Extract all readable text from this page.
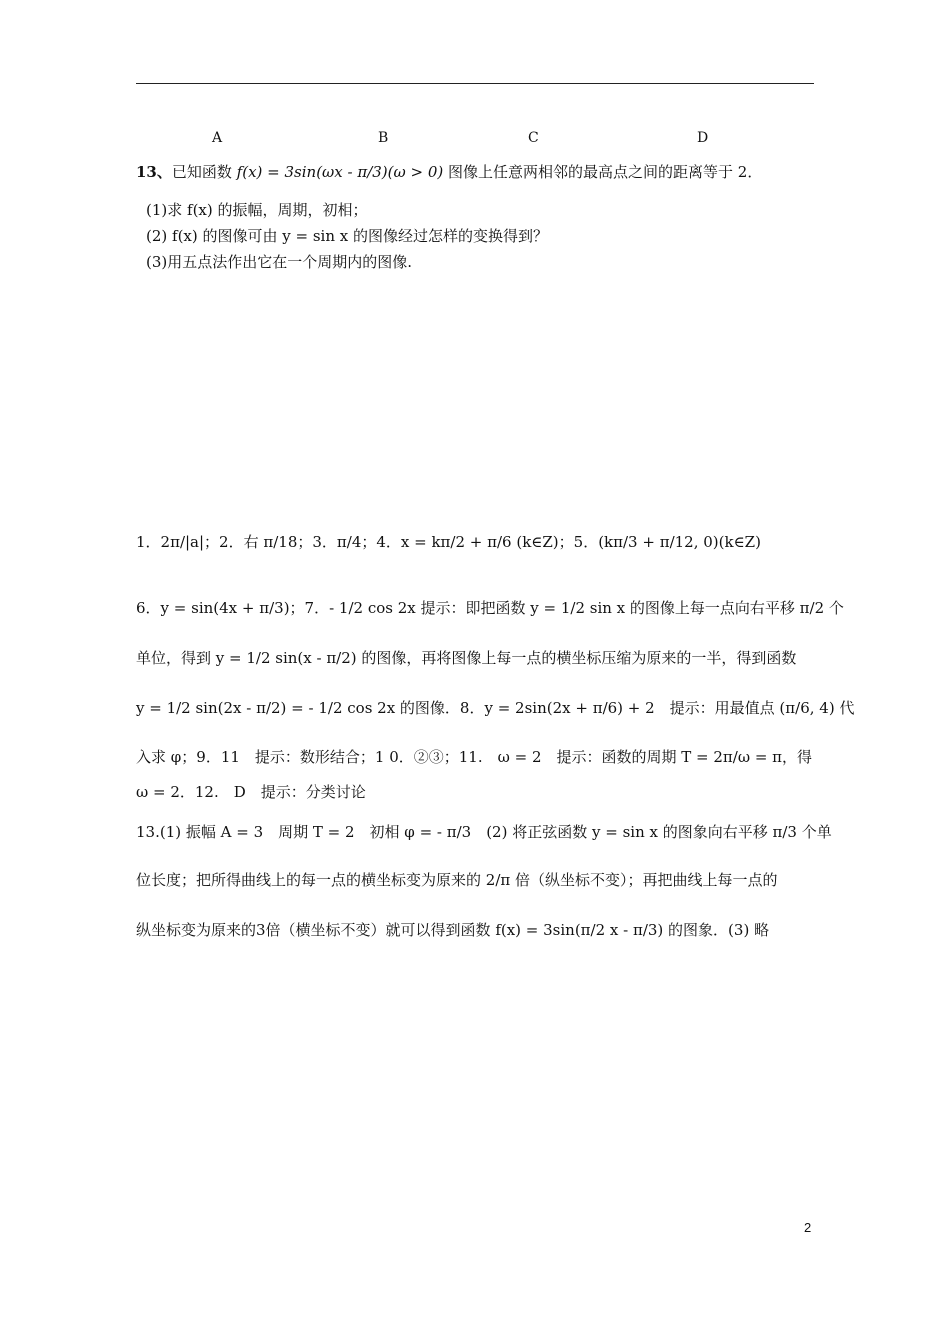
A	B	C	D
13、已知函数 f(x) = 3sin(ωx - π/3)(ω > 0) 图像上任意两相邻的最高点之间的距离等于 2．
(1)求 f(x) 的振幅，周期，初相；
(2) f(x) 的图像可由 y = sin x 的图像经过怎样的变换得到？
(3)用五点法作出它在一个周期内的图像.
1．2π/|a|；2．右 π/18；3．π/4；4．x = kπ/2 + π/6 (k∈Z)；5．(kπ/3 + π/12, 0)(k∈Z)
6．y = sin(4x + π/3)；7．- 1/2 cos 2x 提示：即把函数 y = 1/2 sin x 的图像上每一点向右平移 π/2 个
单位，得到 y = 1/2 sin(x - π/2) 的图像，再将图像上每一点的横坐标压缩为原来的一半，得到函数
y = 1/2 sin(2x - π/2) = - 1/2 cos 2x 的图像．8．y = 2sin(2x + π/6) + 2　提示：用最值点 (π/6, 4) 代
入求 φ；9．11　提示：数形结合；1 0．②③；11.　ω = 2　提示：函数的周期 T = 2π/ω = π，得
ω = 2．12.　D　提示：分类讨论
13.(1) 振幅 A = 3　周期 T = 2　初相 φ = - π/3　(2) 将正弦函数 y = sin x 的图象向右平移 π/3 个单
位长度；把所得曲线上的每一点的横坐标变为原来的 2/π 倍（纵坐标不变）；再把曲线上每一点的
纵坐标变为原来的3倍（横坐标不变）就可以得到函数 f(x) = 3sin(π/2 x - π/3) 的图象．(3) 略
2
